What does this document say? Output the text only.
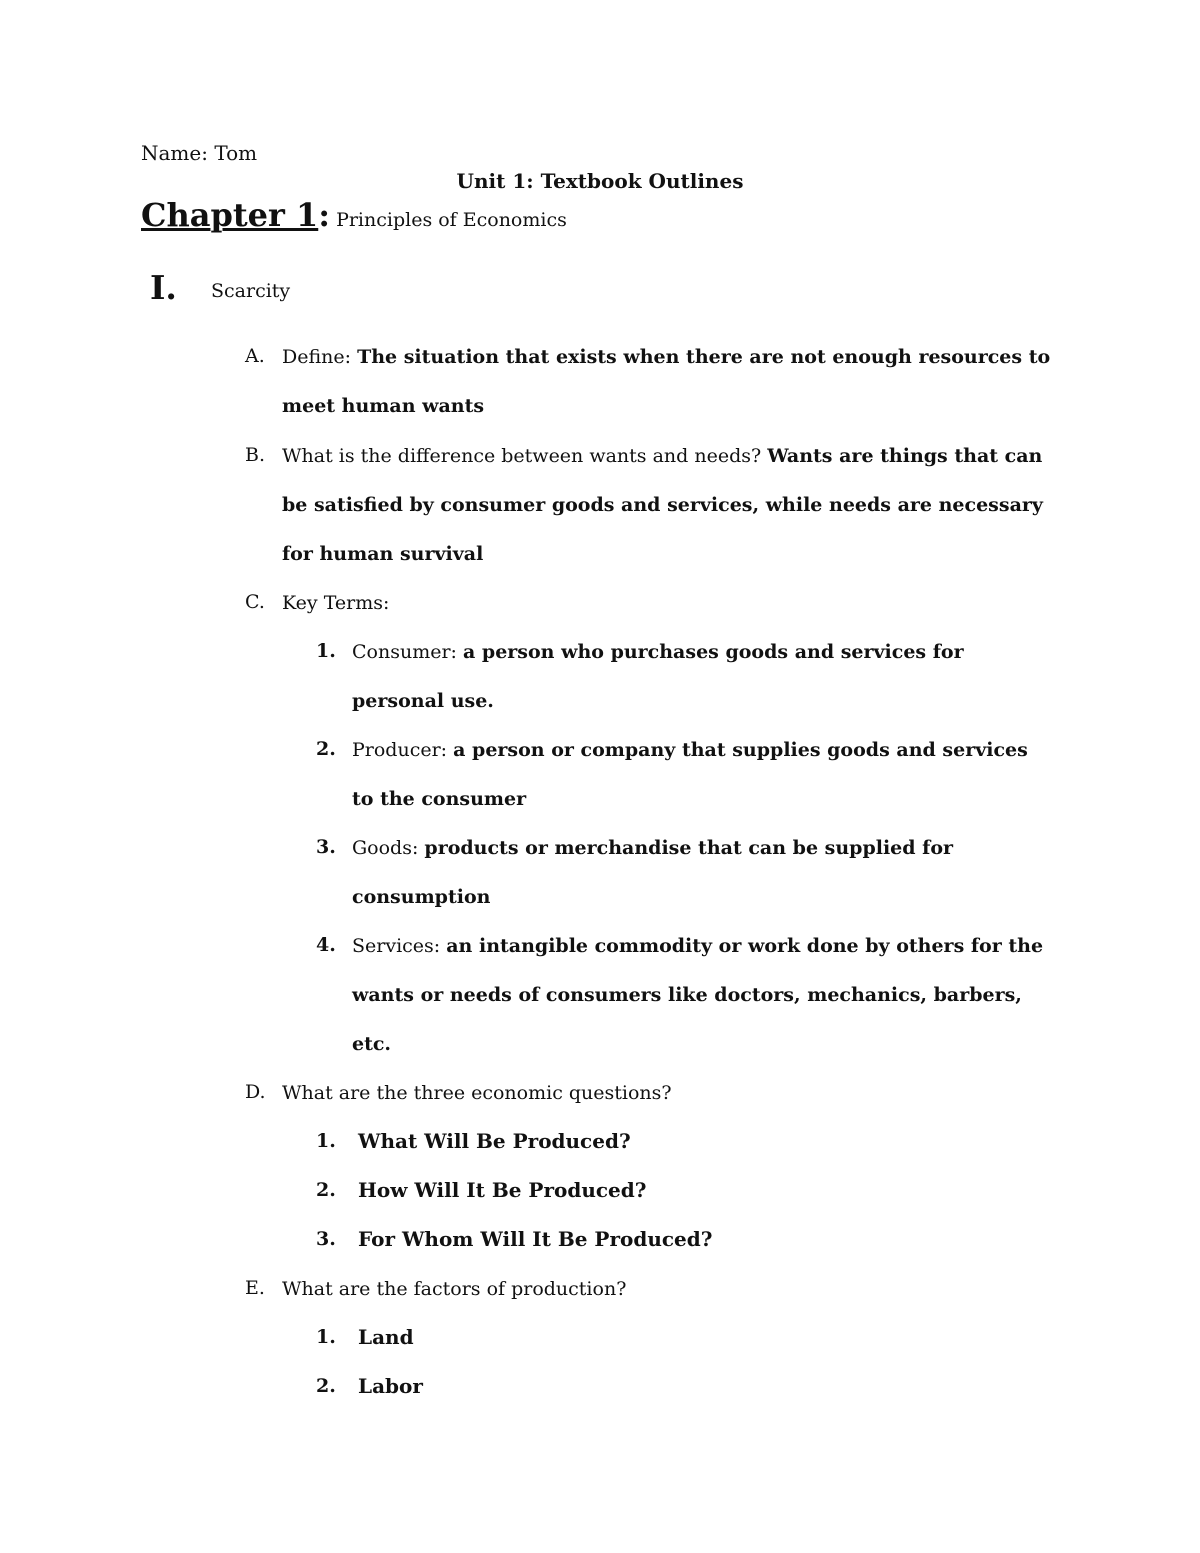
Name: Tom
Unit 1: Textbook Outlines
Chapter 1: Principles of Economics
I. Scarcity
A. Define: The situation that exists when there are not enough resources to meet human wants
B. What is the difference between wants and needs? Wants are things that can be satisfied by consumer goods and services, while needs are necessary for human survival
C. Key Terms:
1. Consumer: a person who purchases goods and services for personal use.
2. Producer: a person or company that supplies goods and services to the consumer
3. Goods: products or merchandise that can be supplied for consumption
4. Services: an intangible commodity or work done by others for the wants or needs of consumers like doctors, mechanics, barbers, etc.
D. What are the three economic questions?
1. What Will Be Produced?
2. How Will It Be Produced?
3. For Whom Will It Be Produced?
E. What are the factors of production?
1. Land
2. Labor
